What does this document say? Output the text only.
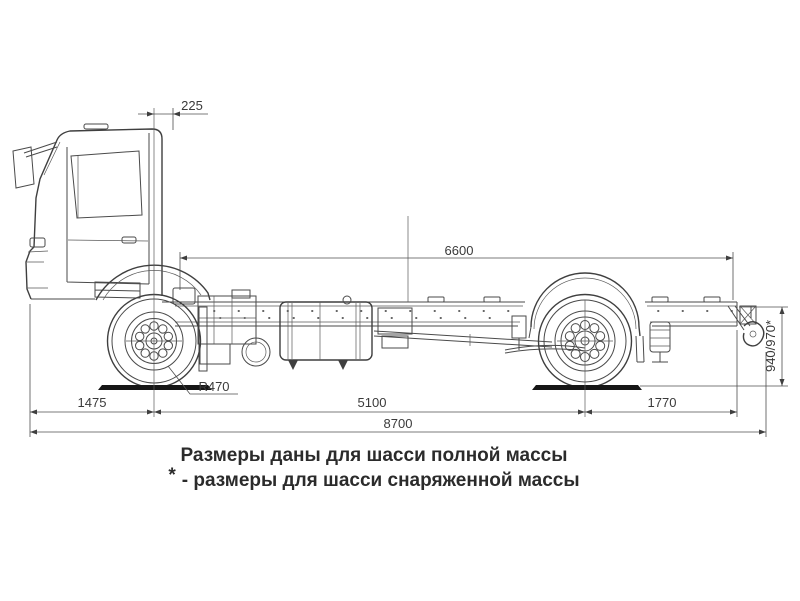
225
6600
940/970*
R470
1475	5100	1770
8700
Размеры даны для шасси полной массы
* - размеры для шасси снаряженной массы
